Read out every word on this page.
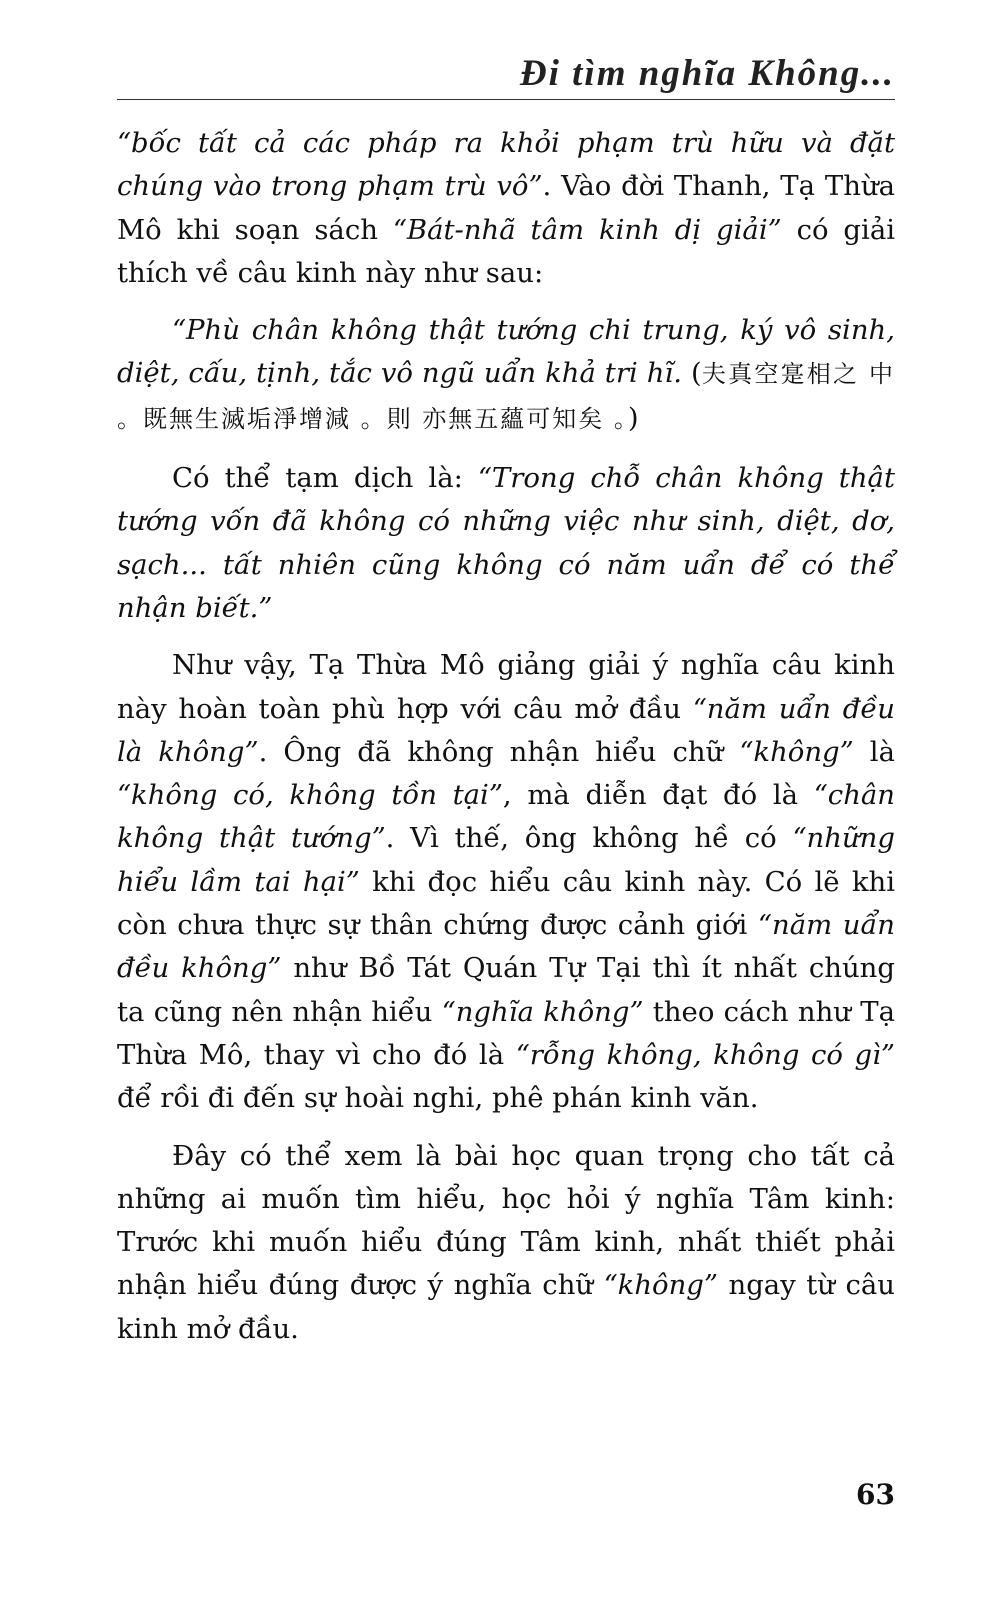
Đi tìm nghĩa Không...

“bốc tất cả các pháp ra khỏi phạm trù hữu và đặt chúng vào trong phạm trù vô”. Vào đời Thanh, Tạ Thừa Mô khi soạn sách “Bát-nhã tâm kinh dị giải” có giải thích về câu kinh này như sau:

“Phù chân không thật tướng chi trung, ký vô sinh, diệt, cấu, tịnh, tắc vô ngũ uẩn khả tri hĩ. (夫真空寔相之 中 。既無生滅垢淨增減 。則 亦無五蘊可知矣 。)

Có thể tạm dịch là: “Trong chỗ chân không thật tướng vốn đã không có những việc như sinh, diệt, dơ, sạch... tất nhiên cũng không có năm uẩn để có thể nhận biết.”

Như vậy, Tạ Thừa Mô giảng giải ý nghĩa câu kinh này hoàn toàn phù hợp với câu mở đầu “năm uẩn đều là không”. Ông đã không nhận hiểu chữ “không” là “không có, không tồn tại”, mà diễn đạt đó là “chân không thật tướng”. Vì thế, ông không hề có “những hiểu lầm tai hại” khi đọc hiểu câu kinh này. Có lẽ khi còn chưa thực sự thân chứng được cảnh giới “năm uẩn đều không” như Bồ Tát Quán Tự Tại thì ít nhất chúng ta cũng nên nhận hiểu “nghĩa không” theo cách như Tạ Thừa Mô, thay vì cho đó là “rỗng không, không có gì” để rồi đi đến sự hoài nghi, phê phán kinh văn.

Đây có thể xem là bài học quan trọng cho tất cả những ai muốn tìm hiểu, học hỏi ý nghĩa Tâm kinh: Trước khi muốn hiểu đúng Tâm kinh, nhất thiết phải nhận hiểu đúng được ý nghĩa chữ “không” ngay từ câu kinh mở đầu.

63
